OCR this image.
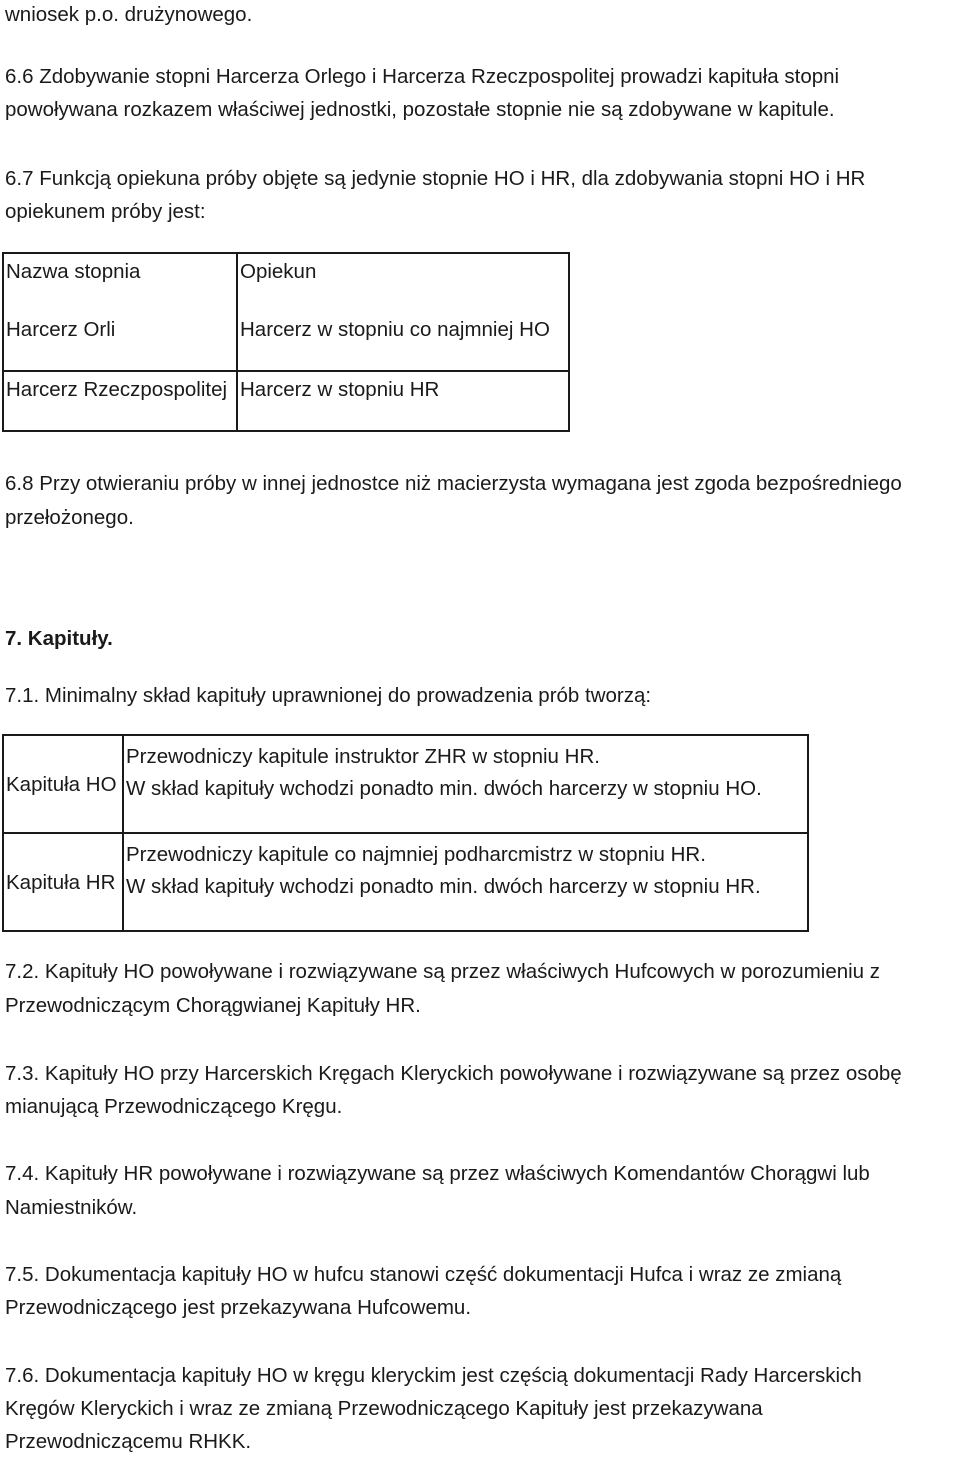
wniosek p.o. drużynowego.

6.6 Zdobywanie stopni Harcerza Orlego i Harcerza Rzeczpospolitej prowadzi kapituła stopni

powoływana rozkazem właściwej jednostki, pozostałe stopnie nie są zdobywane w kapitule.

6.7 Funkcją opiekuna próby objęte są jedynie stopnie HO i HR, dla zdobywania stopni HO i HR

opiekunem próby jest:

Nazwa stopnia	Opiekun
Harcerz Orli	Harcerz w stopniu co najmniej HO
Harcerz Rzeczpospolitej	Harcerz w stopniu HR

6.8 Przy otwieraniu próby w innej jednostce niż macierzysta wymagana jest zgoda bezpośredniego

przełożonego.

7. Kapituły.

7.1. Minimalny skład kapituły uprawnionej do prowadzenia prób tworzą:

Kapituła HO	Przewodniczy kapitule instruktor ZHR w stopniu HR.
W skład kapituły wchodzi ponadto min. dwóch harcerzy w stopniu HO.

Kapituła HR	Przewodniczy kapitule co najmniej podharcmistrz w stopniu HR.
W skład kapituły wchodzi ponadto min. dwóch harcerzy w stopniu HR.

7.2. Kapituły HO powoływane i rozwiązywane są przez właściwych Hufcowych w porozumieniu z

Przewodniczącym Chorągwianej Kapituły HR.

7.3. Kapituły HO przy Harcerskich Kręgach Kleryckich powoływane i rozwiązywane są przez osobę

mianującą Przewodniczącego Kręgu.

7.4. Kapituły HR powoływane i rozwiązywane są przez właściwych Komendantów Chorągwi lub

Namiestników.

7.5. Dokumentacja kapituły HO w hufcu stanowi część dokumentacji Hufca i wraz ze zmianą

Przewodniczącego jest przekazywana Hufcowemu.

7.6. Dokumentacja kapituły HO w kręgu kleryckim jest częścią dokumentacji Rady Harcerskich

Kręgów Kleryckich i wraz ze zmianą Przewodniczącego Kapituły jest przekazywana

Przewodniczącemu RHKK.
